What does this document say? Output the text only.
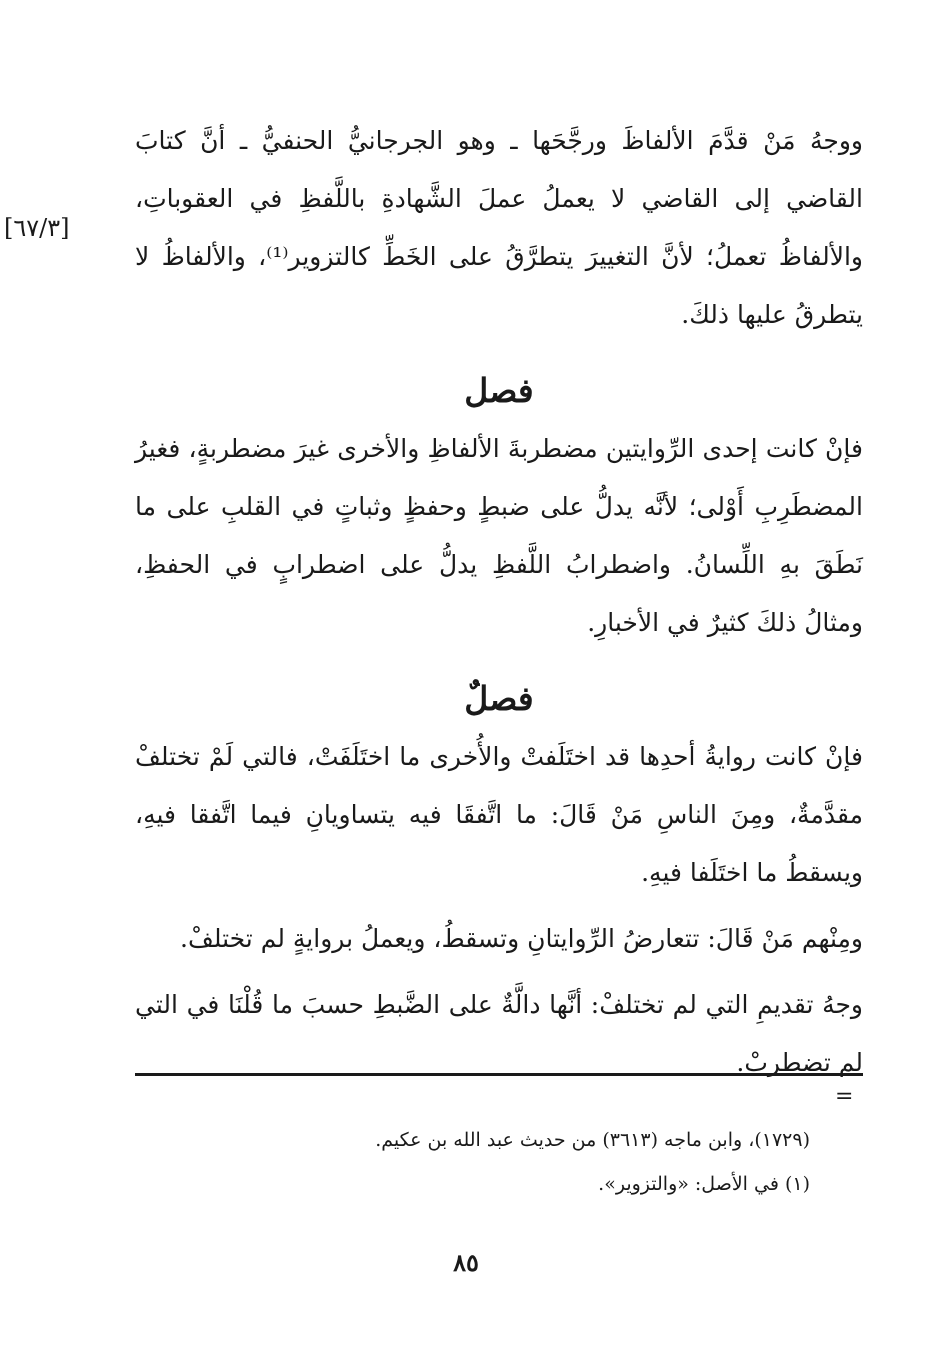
[٦٧/٣]

ووجهُ مَنْ قدَّمَ الألفاظَ ورجَّحَها ـ وهو الجرجانيُّ الحنفيُّ ـ أنَّ كتابَ القاضي إلى القاضي لا يعملُ عملَ الشَّهادةِ باللَّفظِ في العقوباتِ، والألفاظُ تعملُ؛ لأنَّ التغييرَ يتطرَّقُ على الخَطِّ كالتزوير⁽¹⁾، والألفاظُ لا يتطرقُ عليها ذلكَ.

فصل

فإنْ كانت إحدى الرِّوايتين مضطربةَ الألفاظِ والأخرى غيرَ مضطربةٍ، فغيرُ المضطَرِبِ أَوْلى؛ لأنَّه يدلُّ على ضبطٍ وحفظٍ وثباتٍ في القلبِ على ما نَطَقَ بهِ اللِّسانُ. واضطرابُ اللَّفظِ يدلُّ على اضطرابٍ في الحفظِ، ومثالُ ذلكَ كثيرٌ في الأخبارِ.

فصلٌ

فإنْ كانت روايةُ أحدِها قد اختَلَفتْ والأُخرى ما اختَلَفَتْ، فالتي لَمْ تختلفْ مقدَّمةٌ، ومِنَ الناسِ مَنْ قَالَ: ما اتَّفقَا فيه يتساويانِ فيما اتَّفقا فيهِ، ويسقطُ ما اختَلَفا فيهِ.

ومِنْهم مَنْ قَالَ: تتعارضُ الرِّوايتانِ وتسقطُ، ويعملُ بروايةٍ لم تختلفْ.

وجهُ تقديمِ التي لم تختلفْ: أنَّها دالَّةٌ على الضَّبطِ حسبَ ما قُلْنَا في التي لم تضطربْ.

=

(١٧٢٩)، وابن ماجه (٣٦١٣) من حديث عبد الله بن عكيم.

(١) في الأصل: «والتزوير».

٨٥
